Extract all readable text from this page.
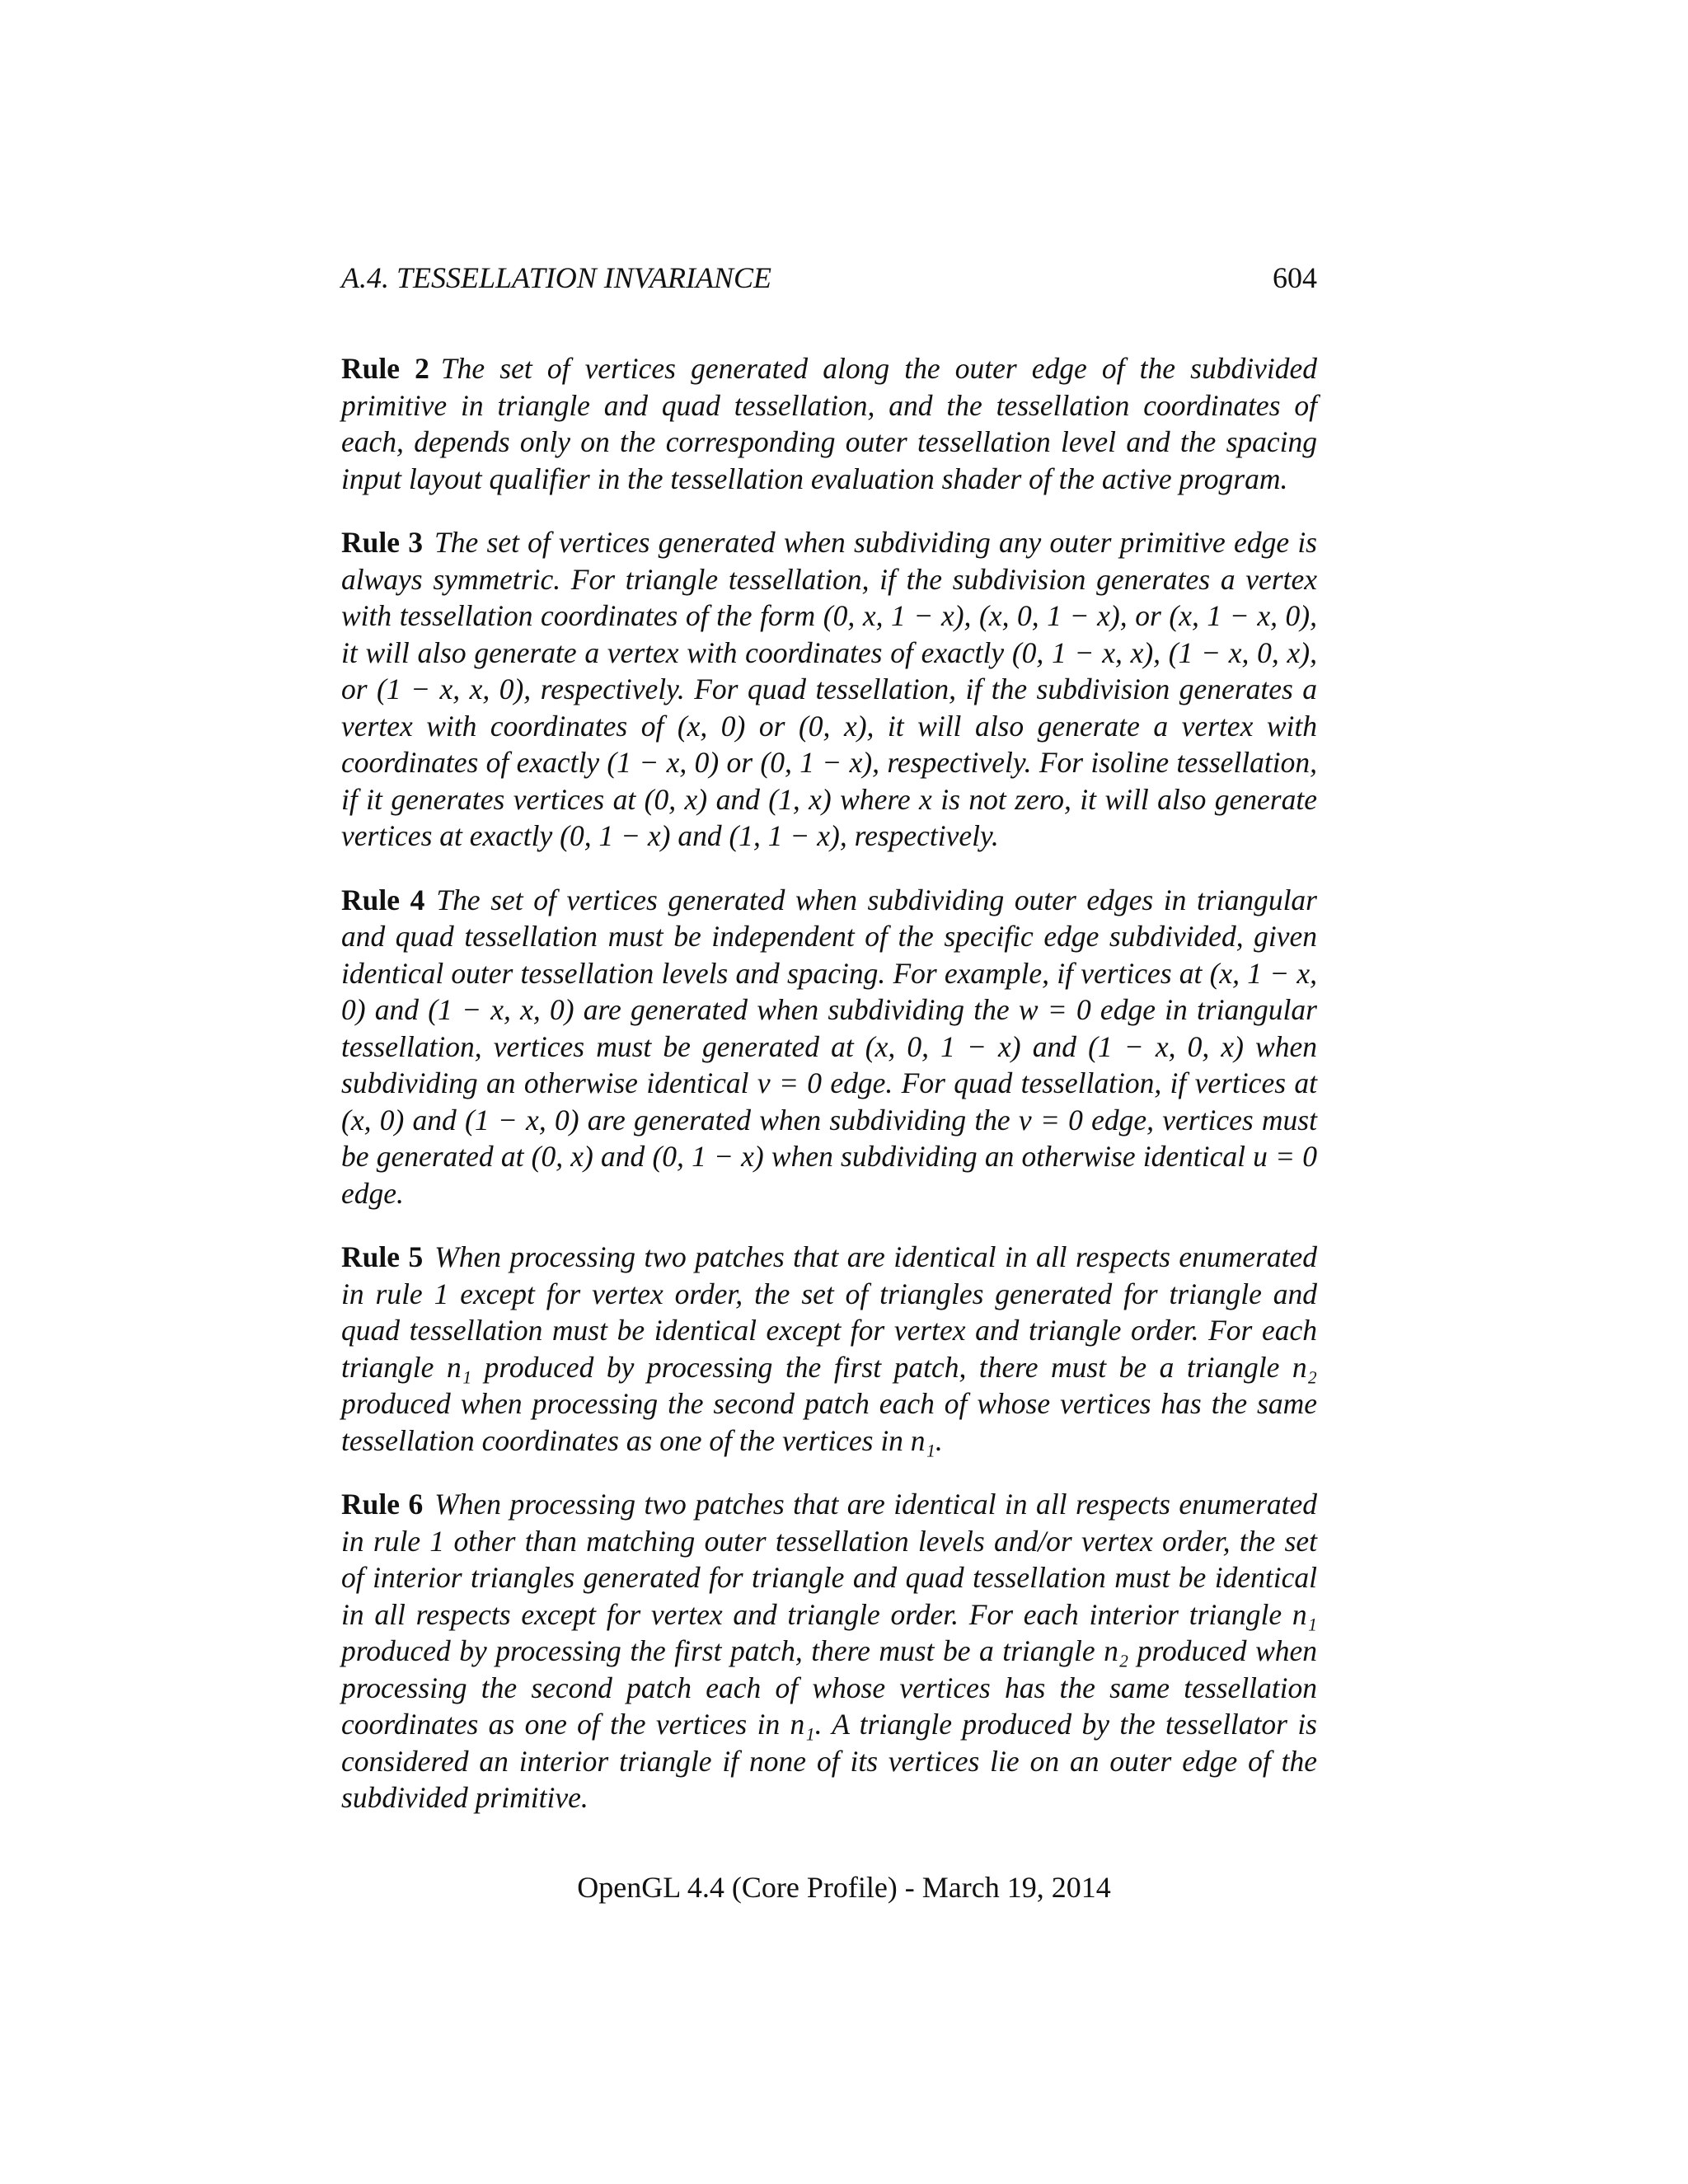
A.4. TESSELLATION INVARIANCE	604

Rule 2 The set of vertices generated along the outer edge of the subdivided primitive in triangle and quad tessellation, and the tessellation coordinates of each, depends only on the corresponding outer tessellation level and the spacing input layout qualifier in the tessellation evaluation shader of the active program.

Rule 3 The set of vertices generated when subdividing any outer primitive edge is always symmetric. For triangle tessellation, if the subdivision generates a vertex with tessellation coordinates of the form (0, x, 1 − x), (x, 0, 1 − x), or (x, 1 − x, 0), it will also generate a vertex with coordinates of exactly (0, 1 − x, x), (1 − x, 0, x), or (1 − x, x, 0), respectively. For quad tessellation, if the subdivision generates a vertex with coordinates of (x, 0) or (0, x), it will also generate a vertex with coordinates of exactly (1 − x, 0) or (0, 1 − x), respectively. For isoline tessellation, if it generates vertices at (0, x) and (1, x) where x is not zero, it will also generate vertices at exactly (0, 1 − x) and (1, 1 − x), respectively.

Rule 4 The set of vertices generated when subdividing outer edges in triangular and quad tessellation must be independent of the specific edge subdivided, given identical outer tessellation levels and spacing. For example, if vertices at (x, 1 − x, 0) and (1 − x, x, 0) are generated when subdividing the w = 0 edge in triangular tessellation, vertices must be generated at (x, 0, 1 − x) and (1 − x, 0, x) when subdividing an otherwise identical v = 0 edge. For quad tessellation, if vertices at (x, 0) and (1 − x, 0) are generated when subdividing the v = 0 edge, vertices must be generated at (0, x) and (0, 1 − x) when subdividing an otherwise identical u = 0 edge.

Rule 5 When processing two patches that are identical in all respects enumerated in rule 1 except for vertex order, the set of triangles generated for triangle and quad tessellation must be identical except for vertex and triangle order. For each triangle n₁ produced by processing the first patch, there must be a triangle n₂ produced when processing the second patch each of whose vertices has the same tessellation coordinates as one of the vertices in n₁.

Rule 6 When processing two patches that are identical in all respects enumerated in rule 1 other than matching outer tessellation levels and/or vertex order, the set of interior triangles generated for triangle and quad tessellation must be identical in all respects except for vertex and triangle order. For each interior triangle n₁ produced by processing the first patch, there must be a triangle n₂ produced when processing the second patch each of whose vertices has the same tessellation coordinates as one of the vertices in n₁. A triangle produced by the tessellator is considered an interior triangle if none of its vertices lie on an outer edge of the subdivided primitive.

OpenGL 4.4 (Core Profile) - March 19, 2014
